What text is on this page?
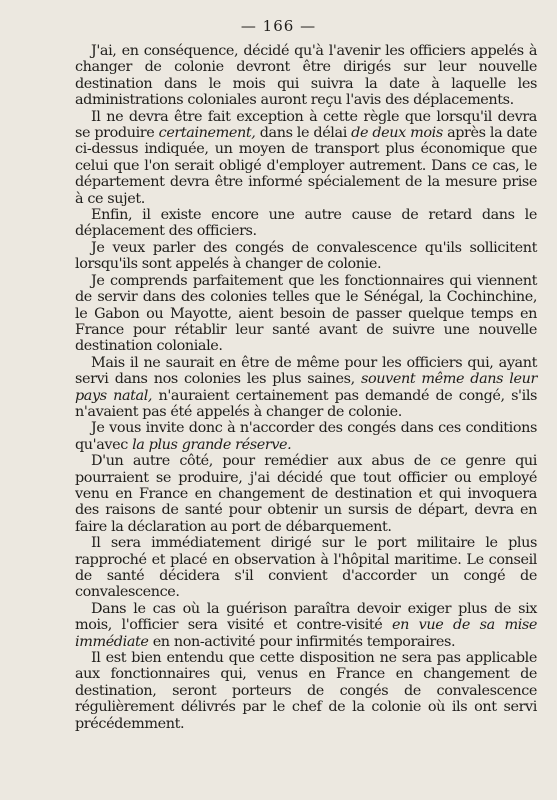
— 166 —

J'ai, en conséquence, décidé qu'à l'avenir les officiers appelés à changer de colonie devront être dirigés sur leur nouvelle destination dans le mois qui suivra la date à laquelle les administrations coloniales auront reçu l'avis des déplacements.

Il ne devra être fait exception à cette règle que lorsqu'il devra se produire certainement, dans le délai de deux mois après la date ci-dessus indiquée, un moyen de transport plus économique que celui que l'on serait obligé d'employer autrement. Dans ce cas, le département devra être informé spécialement de la mesure prise à ce sujet.

Enfin, il existe encore une autre cause de retard dans le déplacement des officiers.

Je veux parler des congés de convalescence qu'ils sollicitent lorsqu'ils sont appelés à changer de colonie.

Je comprends parfaitement que les fonctionnaires qui viennent de servir dans des colonies telles que le Sénégal, la Cochinchine, le Gabon ou Mayotte, aient besoin de passer quelque temps en France pour rétablir leur santé avant de suivre une nouvelle destination coloniale.

Mais il ne saurait en être de même pour les officiers qui, ayant servi dans nos colonies les plus saines, souvent même dans leur pays natal, n'auraient certainement pas demandé de congé, s'ils n'avaient pas été appelés à changer de colonie.

Je vous invite donc à n'accorder des congés dans ces conditions qu'avec la plus grande réserve.

D'un autre côté, pour remédier aux abus de ce genre qui pourraient se produire, j'ai décidé que tout officier ou employé venu en France en changement de destination et qui invoquera des raisons de santé pour obtenir un sursis de départ, devra en faire la déclaration au port de débarquement.

Il sera immédiatement dirigé sur le port militaire le plus rapproché et placé en observation à l'hôpital maritime. Le conseil de santé décidera s'il convient d'accorder un congé de convalescence.

Dans le cas où la guérison paraîtra devoir exiger plus de six mois, l'officier sera visité et contre-visité en vue de sa mise immédiate en non-activité pour infirmités temporaires.

Il est bien entendu que cette disposition ne sera pas applicable aux fonctionnaires qui, venus en France en changement de destination, seront porteurs de congés de convalescence régulièrement délivrés par le chef de la colonie où ils ont servi précédemment.
